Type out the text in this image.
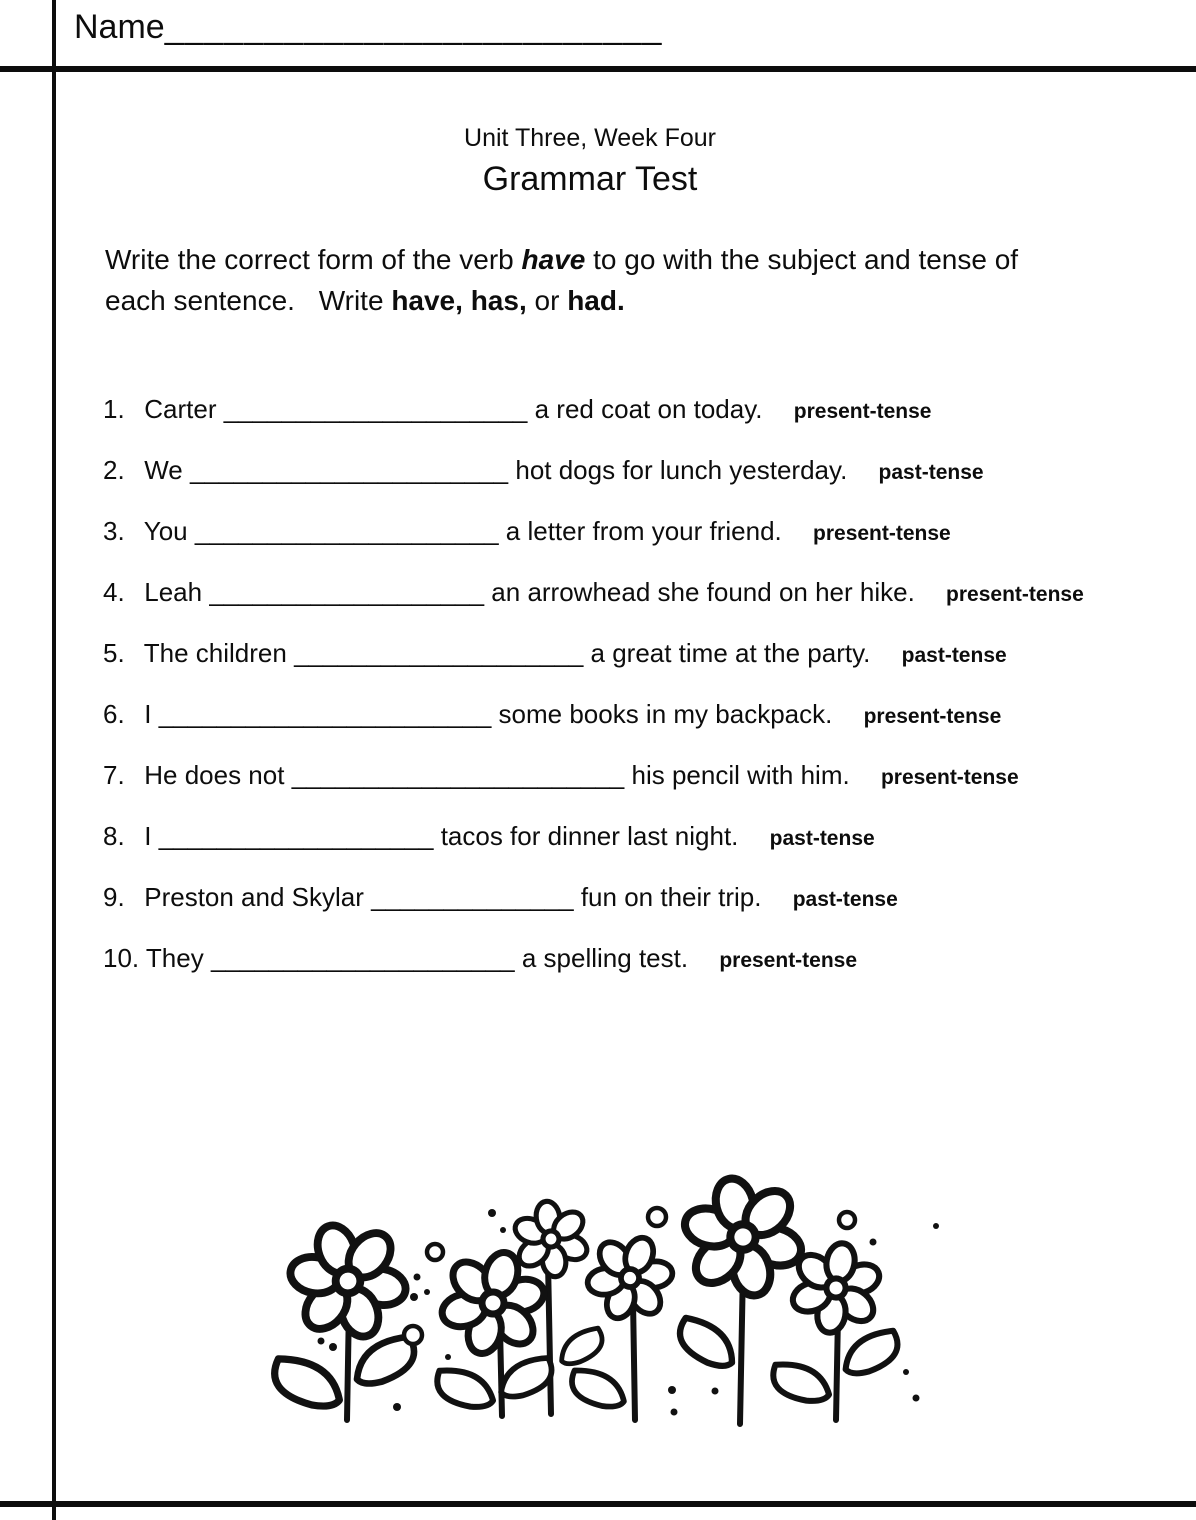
Name_________________________
Unit Three, Week Four
Grammar Test

Write the correct form of the verb have to go with the subject and tense of
each sentence. Write have, has, or had.

1. Carter _____________________ a red coat on today. present-tense
2. We ______________________ hot dogs for lunch yesterday. past-tense
3. You _____________________ a letter from your friend. present-tense
4. Leah ___________________ an arrowhead she found on her hike. present-tense
5. The children ____________________ a great time at the party. past-tense
6. I _______________________ some books in my backpack. present-tense
7. He does not _______________________ his pencil with him. present-tense
8. I ___________________ tacos for dinner last night. past-tense
9. Preston and Skylar ______________ fun on their trip. past-tense
10. They _____________________ a spelling test. present-tense
